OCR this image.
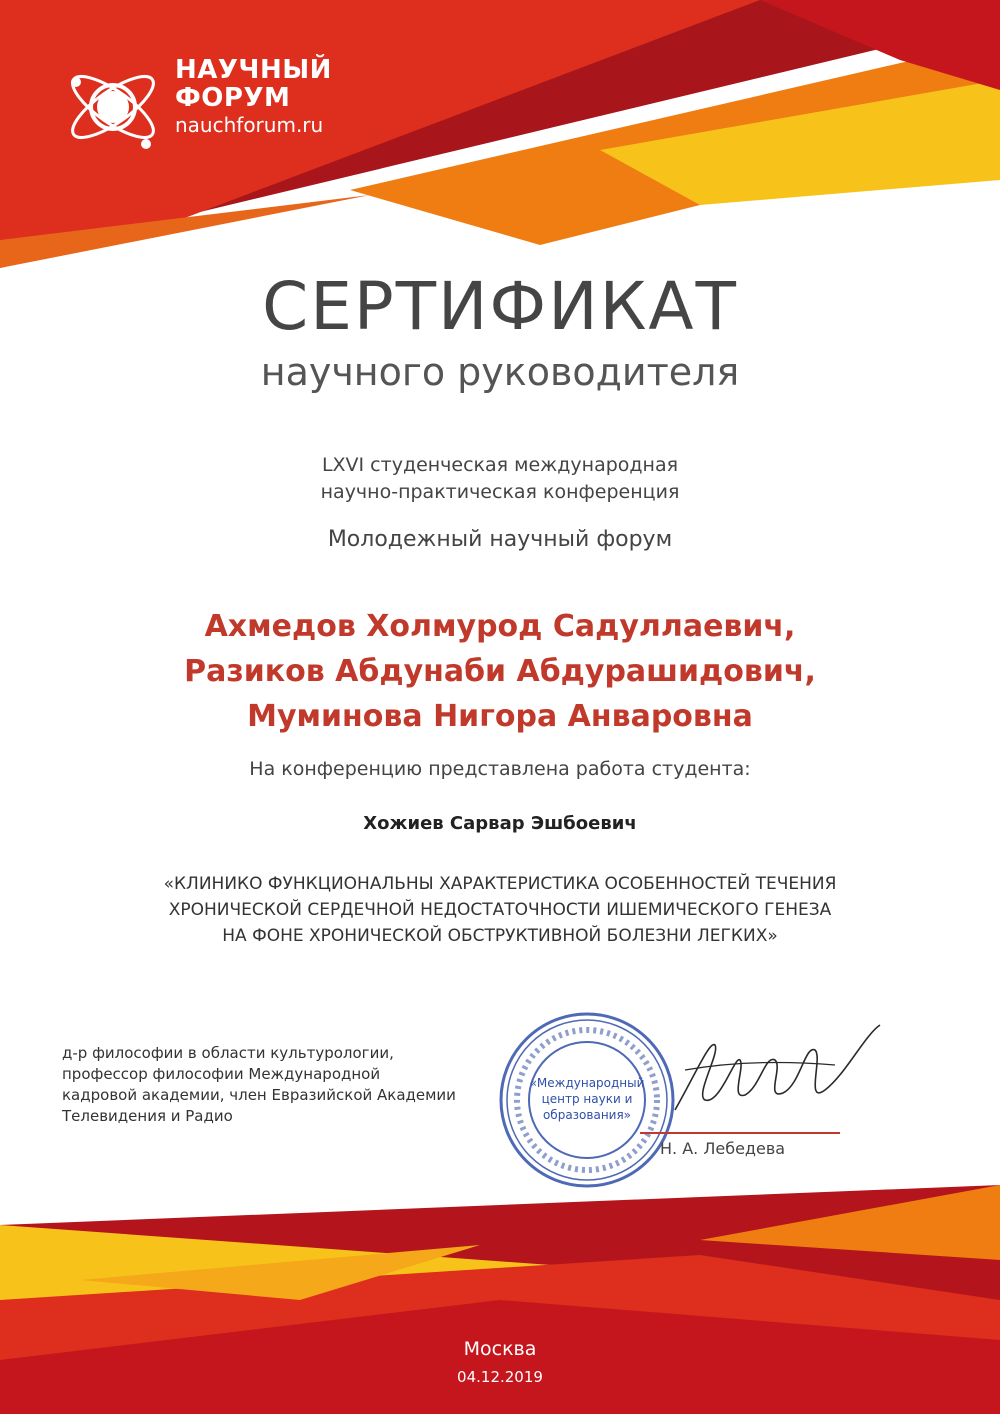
НАУЧНЫЙ
ФОРУМ
nauchforum.ru
СЕРТИФИКАТ
научного руководителя
LXVI студенческая международная
научно-практическая конференция
Молодежный научный форум
Ахмедов Холмурод Садуллаевич,
Разиков Абдунаби Абдурашидович,
Муминова Нигора Анваровна
На конференцию представлена работа студента:
Хожиев Сарвар Эшбоевич
«КЛИНИКО ФУНКЦИОНАЛЬНЫ ХАРАКТЕРИСТИКА ОСОБЕННОСТЕЙ ТЕЧЕНИЯ
ХРОНИЧЕСКОЙ СЕРДЕЧНОЙ НЕДОСТАТОЧНОСТИ ИШЕМИЧЕСКОГО ГЕНЕЗА
НА ФОНЕ ХРОНИЧЕСКОЙ ОБСТРУКТИВНОЙ БОЛЕЗНИ ЛЕГКИХ»
д-р философии в области культурологии,
профессор философии Международной
кадровой академии, член Евразийской Академии
Телевидения и Радио
«Международный
центр науки и
образования»
Н. А. Лебедева
Москва
04.12.2019
